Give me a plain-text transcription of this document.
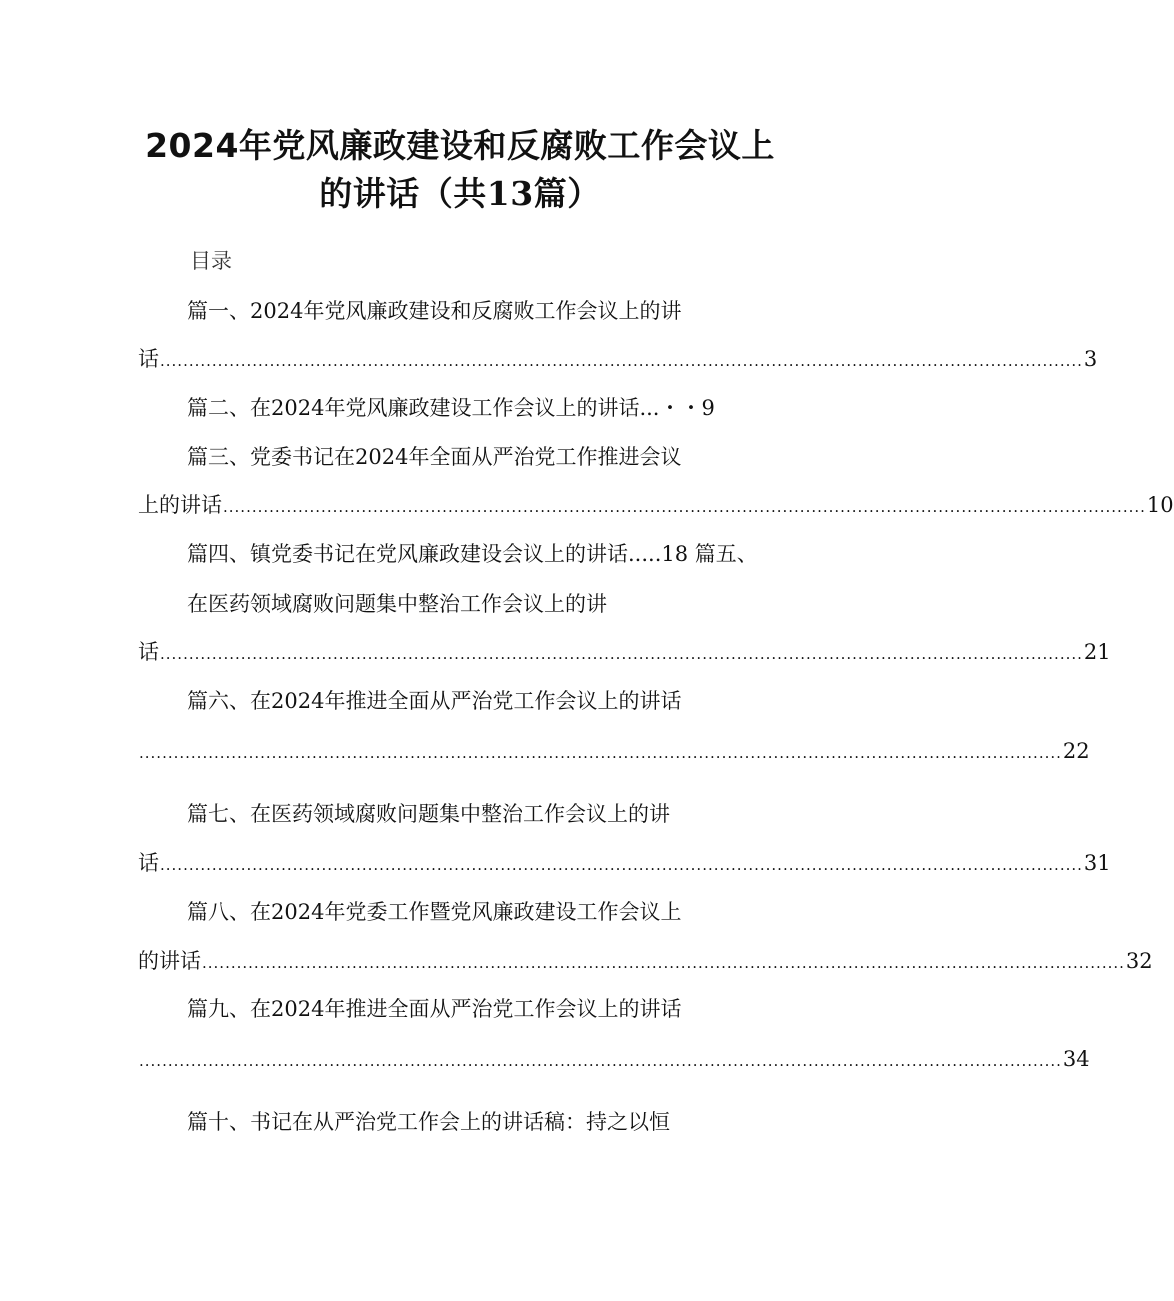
2024年党风廉政建设和反腐败工作会议上
的讲话（共13篇）
目录
篇一、2024年党风廉政建设和反腐败工作会议上的讲
话 ................................................................................................................................................................ 3
篇二、在2024年党风廉政建设工作会议上的讲话...・・9
篇三、党委书记在2024年全面从严治党工作推进会议
上的讲话 ................................................................................................................................................................ 10
篇四、镇党委书记在党风廉政建设会议上的讲话.....18 篇五、
在医药领域腐败问题集中整治工作会议上的讲
话 ................................................................................................................................................................ 21
篇六、在2024年推进全面从严治党工作会议上的讲话
................................................................................................................................................................ 22
篇七、在医药领域腐败问题集中整治工作会议上的讲
话 ................................................................................................................................................................ 31
篇八、在2024年党委工作暨党风廉政建设工作会议上
的讲话 ................................................................................................................................................................ 32
篇九、在2024年推进全面从严治党工作会议上的讲话
................................................................................................................................................................ 34
篇十、书记在从严治党工作会上的讲话稿：持之以恒
